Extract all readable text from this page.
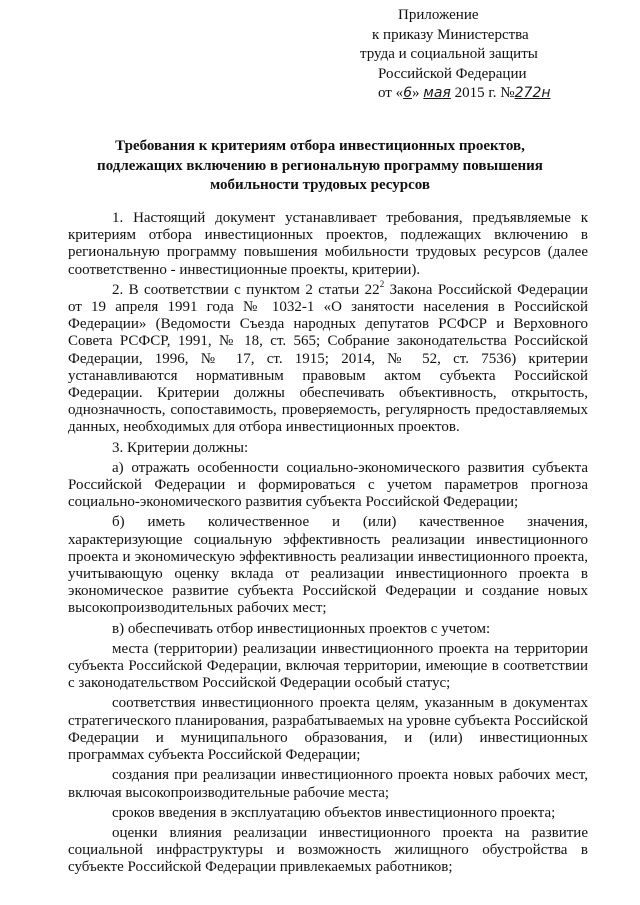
Приложение
к приказу Министерства
труда и социальной защиты
Российской Федерации
от «6» мая 2015 г. №272н
Требования к критериям отбора инвестиционных проектов,
подлежащих включению в региональную программу повышения
мобильности трудовых ресурсов

1. Настоящий документ устанавливает требования, предъявляемые к критериям отбора инвестиционных проектов, подлежащих включению в региональную программу повышения мобильности трудовых ресурсов (далее соответственно - инвестиционные проекты, критерии).

2. В соответствии с пунктом 2 статьи $22^2$ Закона Российской Федерации от 19 апреля 1991 года № 1032-1 «О занятости населения в Российской Федерации» (Ведомости Съезда народных депутатов РСФСР и Верховного Совета РСФСР, 1991, № 18, ст. 565; Собрание законодательства Российской Федерации, 1996, № 17, ст. 1915; 2014, № 52, ст. 7536) критерии устанавливаются нормативным правовым актом субъекта Российской Федерации. Критерии должны обеспечивать объективность, открытость, однозначность, сопоставимость, проверяемость, регулярность предоставляемых данных, необходимых для отбора инвестиционных проектов.

3. Критерии должны:

а) отражать особенности социально-экономического развития субъекта Российской Федерации и формироваться с учетом параметров прогноза социально-экономического развития субъекта Российской Федерации;

б) иметь количественное и (или) качественное значения, характеризующие социальную эффективность реализации инвестиционного проекта и экономическую эффективность реализации инвестиционного проекта, учитывающую оценку вклада от реализации инвестиционного проекта в экономическое развитие субъекта Российской Федерации и создание новых высокопроизводительных рабочих мест;

в) обеспечивать отбор инвестиционных проектов с учетом:

места (территории) реализации инвестиционного проекта на территории субъекта Российской Федерации, включая территории, имеющие в соответствии с законодательством Российской Федерации особый статус;

соответствия инвестиционного проекта целям, указанным в документах стратегического планирования, разрабатываемых на уровне субъекта Российской Федерации и муниципального образования, и (или) инвестиционных программах субъекта Российской Федерации;

создания при реализации инвестиционного проекта новых рабочих мест, включая высокопроизводительные рабочие места;

сроков введения в эксплуатацию объектов инвестиционного проекта;

оценки влияния реализации инвестиционного проекта на развитие социальной инфраструктуры и возможность жилищного обустройства в субъекте Российской Федерации привлекаемых работников;
